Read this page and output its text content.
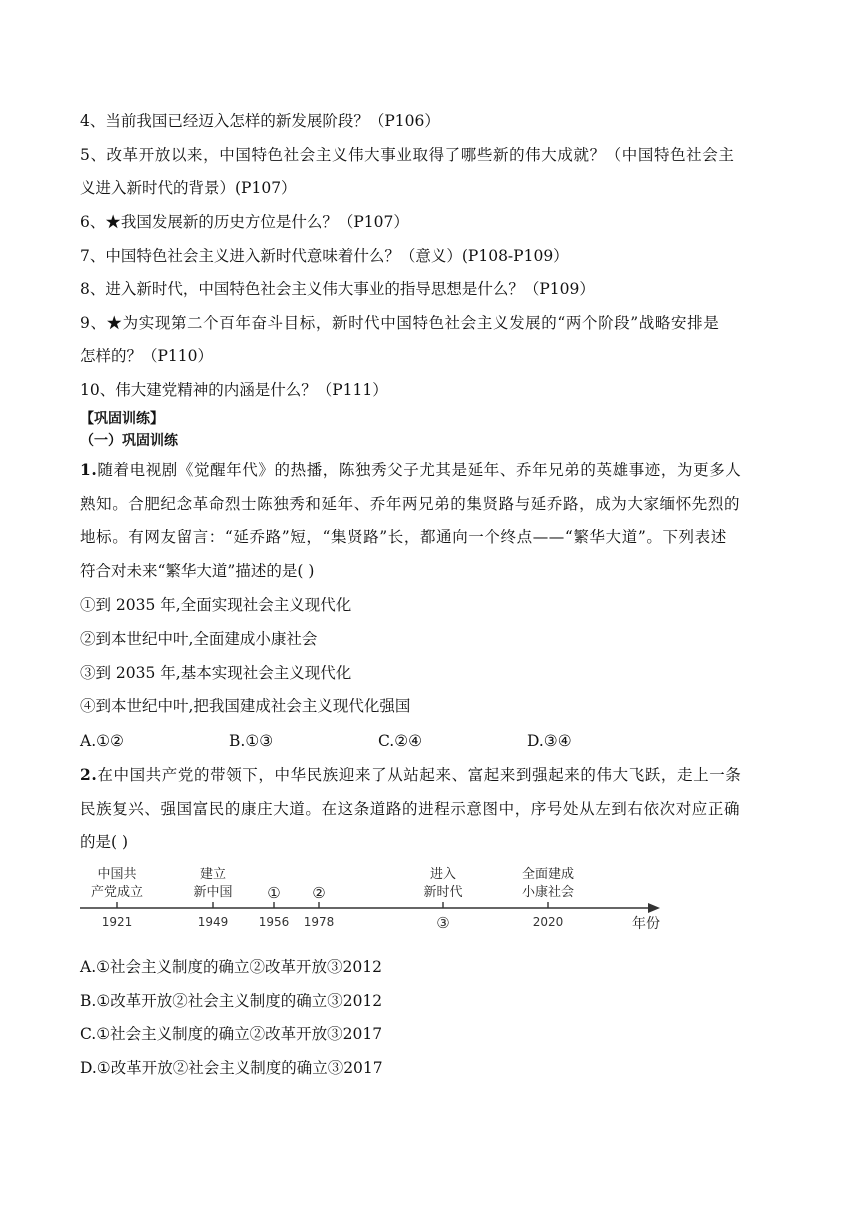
4、当前我国已经迈入怎样的新发展阶段？（P106）
5、改革开放以来，中国特色社会主义伟大事业取得了哪些新的伟大成就？（中国特色社会主
义进入新时代的背景）(P107）
6、★我国发展新的历史方位是什么？（P107）
7、中国特色社会主义进入新时代意味着什么？（意义）(P108-P109）
8、进入新时代，中国特色社会主义伟大事业的指导思想是什么？（P109）
9、★为实现第二个百年奋斗目标，新时代中国特色社会主义发展的“两个阶段”战略安排是
怎样的？（P110）
10、伟大建党精神的内涵是什么？（P111）
【巩固训练】
（一）巩固训练
1.随着电视剧《觉醒年代》的热播，陈独秀父子尤其是延年、乔年兄弟的英雄事迹，为更多人
熟知。合肥纪念革命烈士陈独秀和延年、乔年两兄弟的集贤路与延乔路，成为大家缅怀先烈的
地标。有网友留言：“延乔路”短，“集贤路”长，都通向一个终点——“繁华大道”。下列表述
符合对未来“繁华大道”描述的是( )
①到 2035 年,全面实现社会主义现代化
②到本世纪中叶,全面建成小康社会
③到 2035 年,基本实现社会主义现代化
④到本世纪中叶,把我国建成社会主义现代化强国
A.①②	B.①③	C.②④	D.③④
2.在中国共产党的带领下，中华民族迎来了从站起来、富起来到强起来的伟大飞跃，走上一条
民族复兴、强国富民的康庄大道。在这条道路的进程示意图中，序号处从左到右依次对应正确
的是( )
中国共
产党成立
1921
建立
新中国
1949
①
1956
②
1978
进入
新时代
③
全面建成
小康社会
2020	年份
A.①社会主义制度的确立②改革开放③2012
B.①改革开放②社会主义制度的确立③2012
C.①社会主义制度的确立②改革开放③2017
D.①改革开放②社会主义制度的确立③2017
